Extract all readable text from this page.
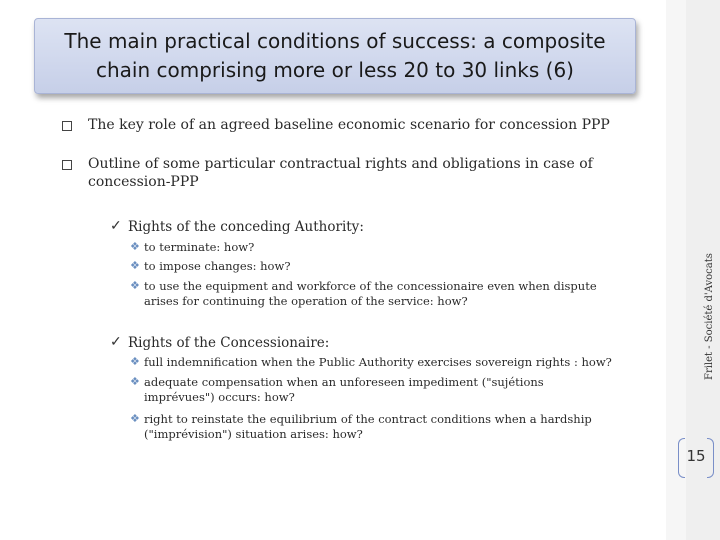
The main practical conditions of success: a composite chain comprising more or less 20 to 30 links (6)
The key role of an agreed baseline economic scenario for concession PPP
Outline of some particular contractual rights and obligations in case of concession-PPP
✓ Rights of the conceding Authority:
❖ to terminate: how?
❖ to impose changes: how?
❖ to use the equipment and workforce of the concessionaire even when dispute arises for continuing the operation of the service: how?
✓ Rights of the Concessionaire:
❖ full indemnification when the Public Authority exercises sovereign rights : how?
❖ adequate compensation when an unforeseen impediment ("sujétions imprévues") occurs: how?
❖ right to reinstate the equilibrium of the contract conditions when a hardship ("imprévision") situation arises: how?
Frilet - Société d'Avocats
15
